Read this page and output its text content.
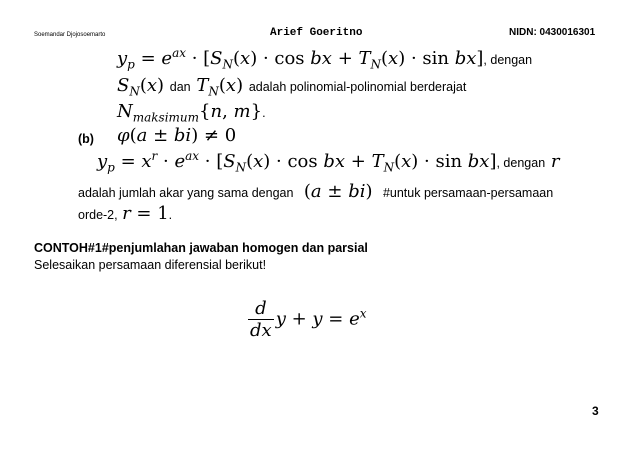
Soemandar Djojosoemarto	Arief Goeritno	NIDN: 0430016301
$y_p = e^{ax} \cdot [S_N(x) \cdot \cos$ bx + $T_N(x) \cdot \sin bx$], dengan
$S_N(x)$ dan $T_N(x)$ adalah polinomial-polinomial berderajat
$N_{maksimum}\{n$, m}.
(b) φ(a ± bi) ≠ 0
$y_p = x^r \cdot e^{ax} \cdot [S_N(x) \cdot \cos$ bx + $T_N(x) \cdot \sin bx$], dengan r
adalah jumlah akar yang sama dengan (a ± bi) #untuk persamaan-persamaan
orde-2, r = 1.
CONTOH#1#penjumlahan jawaban homogen dan parsial
Selesaikan persamaan diferensial berikut!
$\frac{d}{dx}$ $y + y = e^x$
3
